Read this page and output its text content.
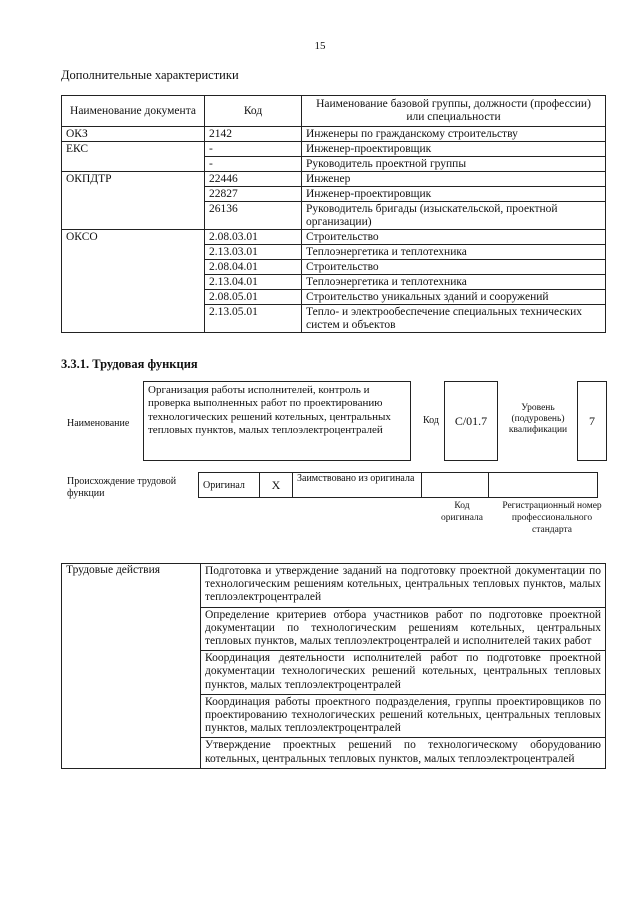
15
Дополнительные характеристики
Наименование документа	Код	Наименование базовой группы, должности (профессии) или специальности
ОКЗ	2142	Инженеры по гражданскому строительству
ЕКС	-	Инженер-проектировщик
	-	Руководитель проектной группы
ОКПДТР	22446	Инженер
	22827	Инженер-проектировщик
	26136	Руководитель бригады (изыскательской, проектной организации)
ОКСО	2.08.03.01	Строительство
	2.13.03.01	Теплоэнергетика и теплотехника
	2.08.04.01	Строительство
	2.13.04.01	Теплоэнергетика и теплотехника
	2.08.05.01	Строительство уникальных зданий и сооружений
	2.13.05.01	Тепло- и электрообеспечение специальных технических систем и объектов
3.3.1. Трудовая функция
Наименование
Организация работы исполнителей, контроль и проверка выполненных работ по проектированию технологических решений котельных, центральных тепловых пунктов, малых теплоэлектроцентралей
Код	С/01.7
Уровень (подуровень) квалификации
7
Происхождение трудовой функции
Оригинал	Х	Заимствовано из оригинала		
Код оригинала
Регистрационный номер профессионального стандарта
Трудовые действия	Подготовка и утверждение заданий на подготовку проектной документации по технологическим решениям котельных, центральных тепловых пунктов, малых теплоэлектроцентралей
Определение критериев отбора участников работ по подготовке проектной документации по технологическим решениям котельных, центральных тепловых пунктов, малых теплоэлектроцентралей и исполнителей таких работ
Координация деятельности исполнителей работ по подготовке проектной документации технологических решений котельных, центральных тепловых пунктов, малых теплоэлектроцентралей
Координация работы проектного подразделения, группы проектировщиков по проектированию технологических решений котельных, центральных тепловых пунктов, малых теплоэлектроцентралей
Утверждение проектных решений по технологическому оборудованию котельных, центральных тепловых пунктов, малых теплоэлектроцентралей
